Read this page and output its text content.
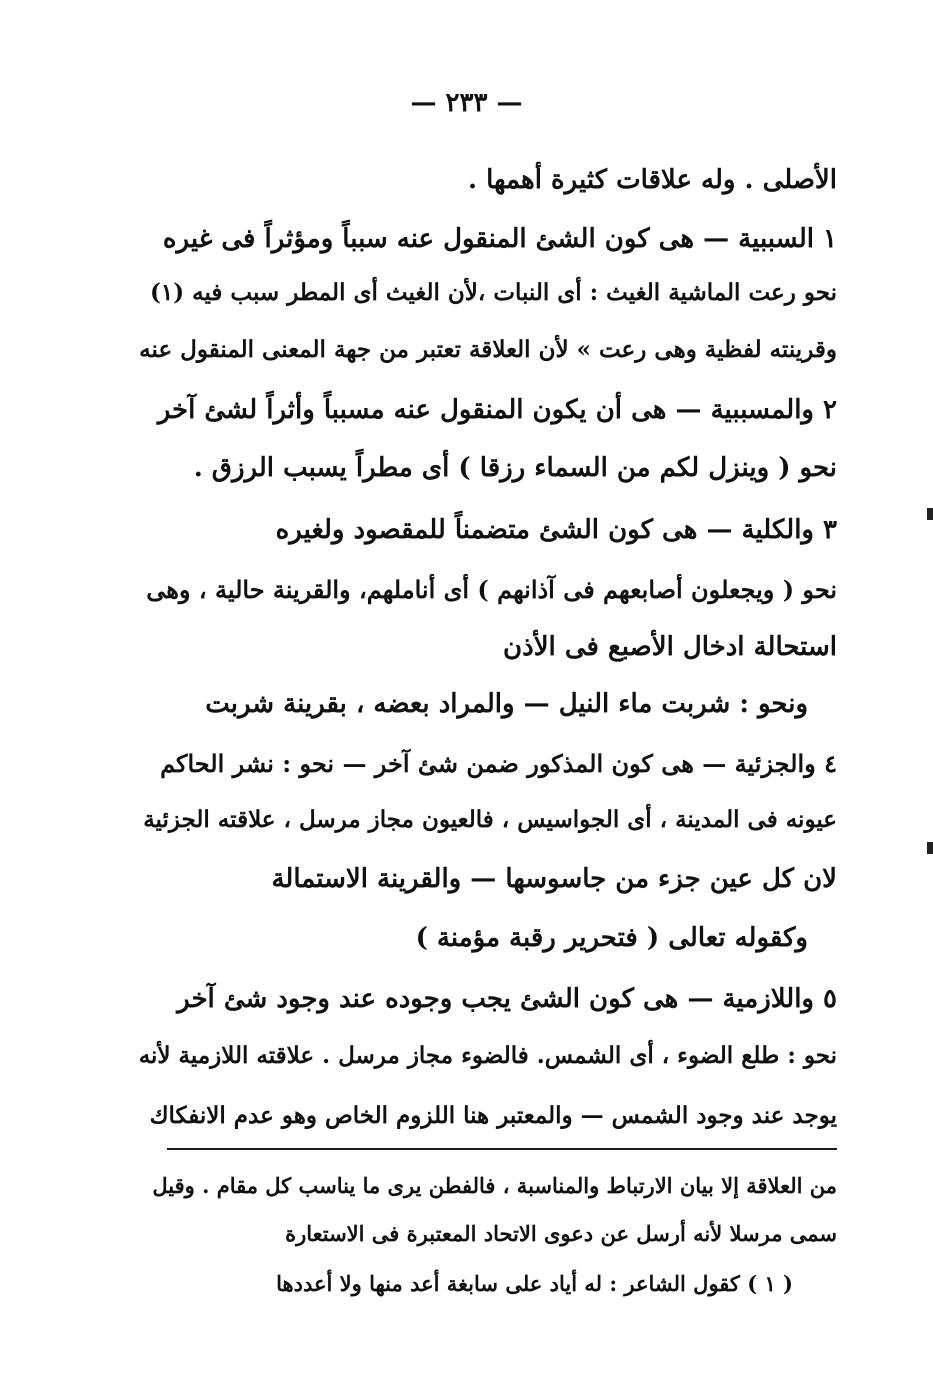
— ٢٣٣ —
الأصلى . وله علاقات كثيرة أهمها .
١ السببية — هى كون الشئ المنقول عنه سبباً ومؤثراً فى غيره
نحو رعت الماشية الغيث : أى النبات ،لأن الغيث أى المطر سبب فيه (١)
وقرينته لفظية وهى رعت » لأن العلاقة تعتبر من جهة المعنى المنقول عنه
٢ والمسببية — هى أن يكون المنقول عنه مسبباً وأثراً لشئ آخر
نحو ( وينزل لكم من السماء رزقا ) أى مطراً يسبب الرزق .
٣ والكلية — هى كون الشئ متضمناً للمقصود ولغيره
نحو ( ويجعلون أصابعهم فى آذانهم ) أى أناملهم، والقرينة حالية ، وهى
استحالة ادخال الأصبع فى الأذن
ونحو : شربت ماء النيل — والمراد بعضه ، بقرينة شربت
٤ والجزئية — هى كون المذكور ضمن شئ آخر — نحو : نشر الحاكم
عيونه فى المدينة ، أى الجواسيس ، فالعيون مجاز مرسل ، علاقته الجزئية
لان كل عين جزء من جاسوسها — والقرينة الاستمالة
وكقوله تعالى ( فتحرير رقبة مؤمنة )
٥ واللازمية — هى كون الشئ يجب وجوده عند وجود شئ آخر
نحو : طلع الضوء ، أى الشمس. فالضوء مجاز مرسل . علاقته اللازمية لأنه
يوجد عند وجود الشمس — والمعتبر هنا اللزوم الخاص وهو عدم الانفكاك
من العلاقة إلا بيان الارتباط والمناسبة ، فالفطن يرى ما يناسب كل مقام . وقيل
سمى مرسلا لأنه أرسل عن دعوى الاتحاد المعتبرة فى الاستعارة
( ١ ) كقول الشاعر : له أياد على سابغة أعد منها ولا أعددها
